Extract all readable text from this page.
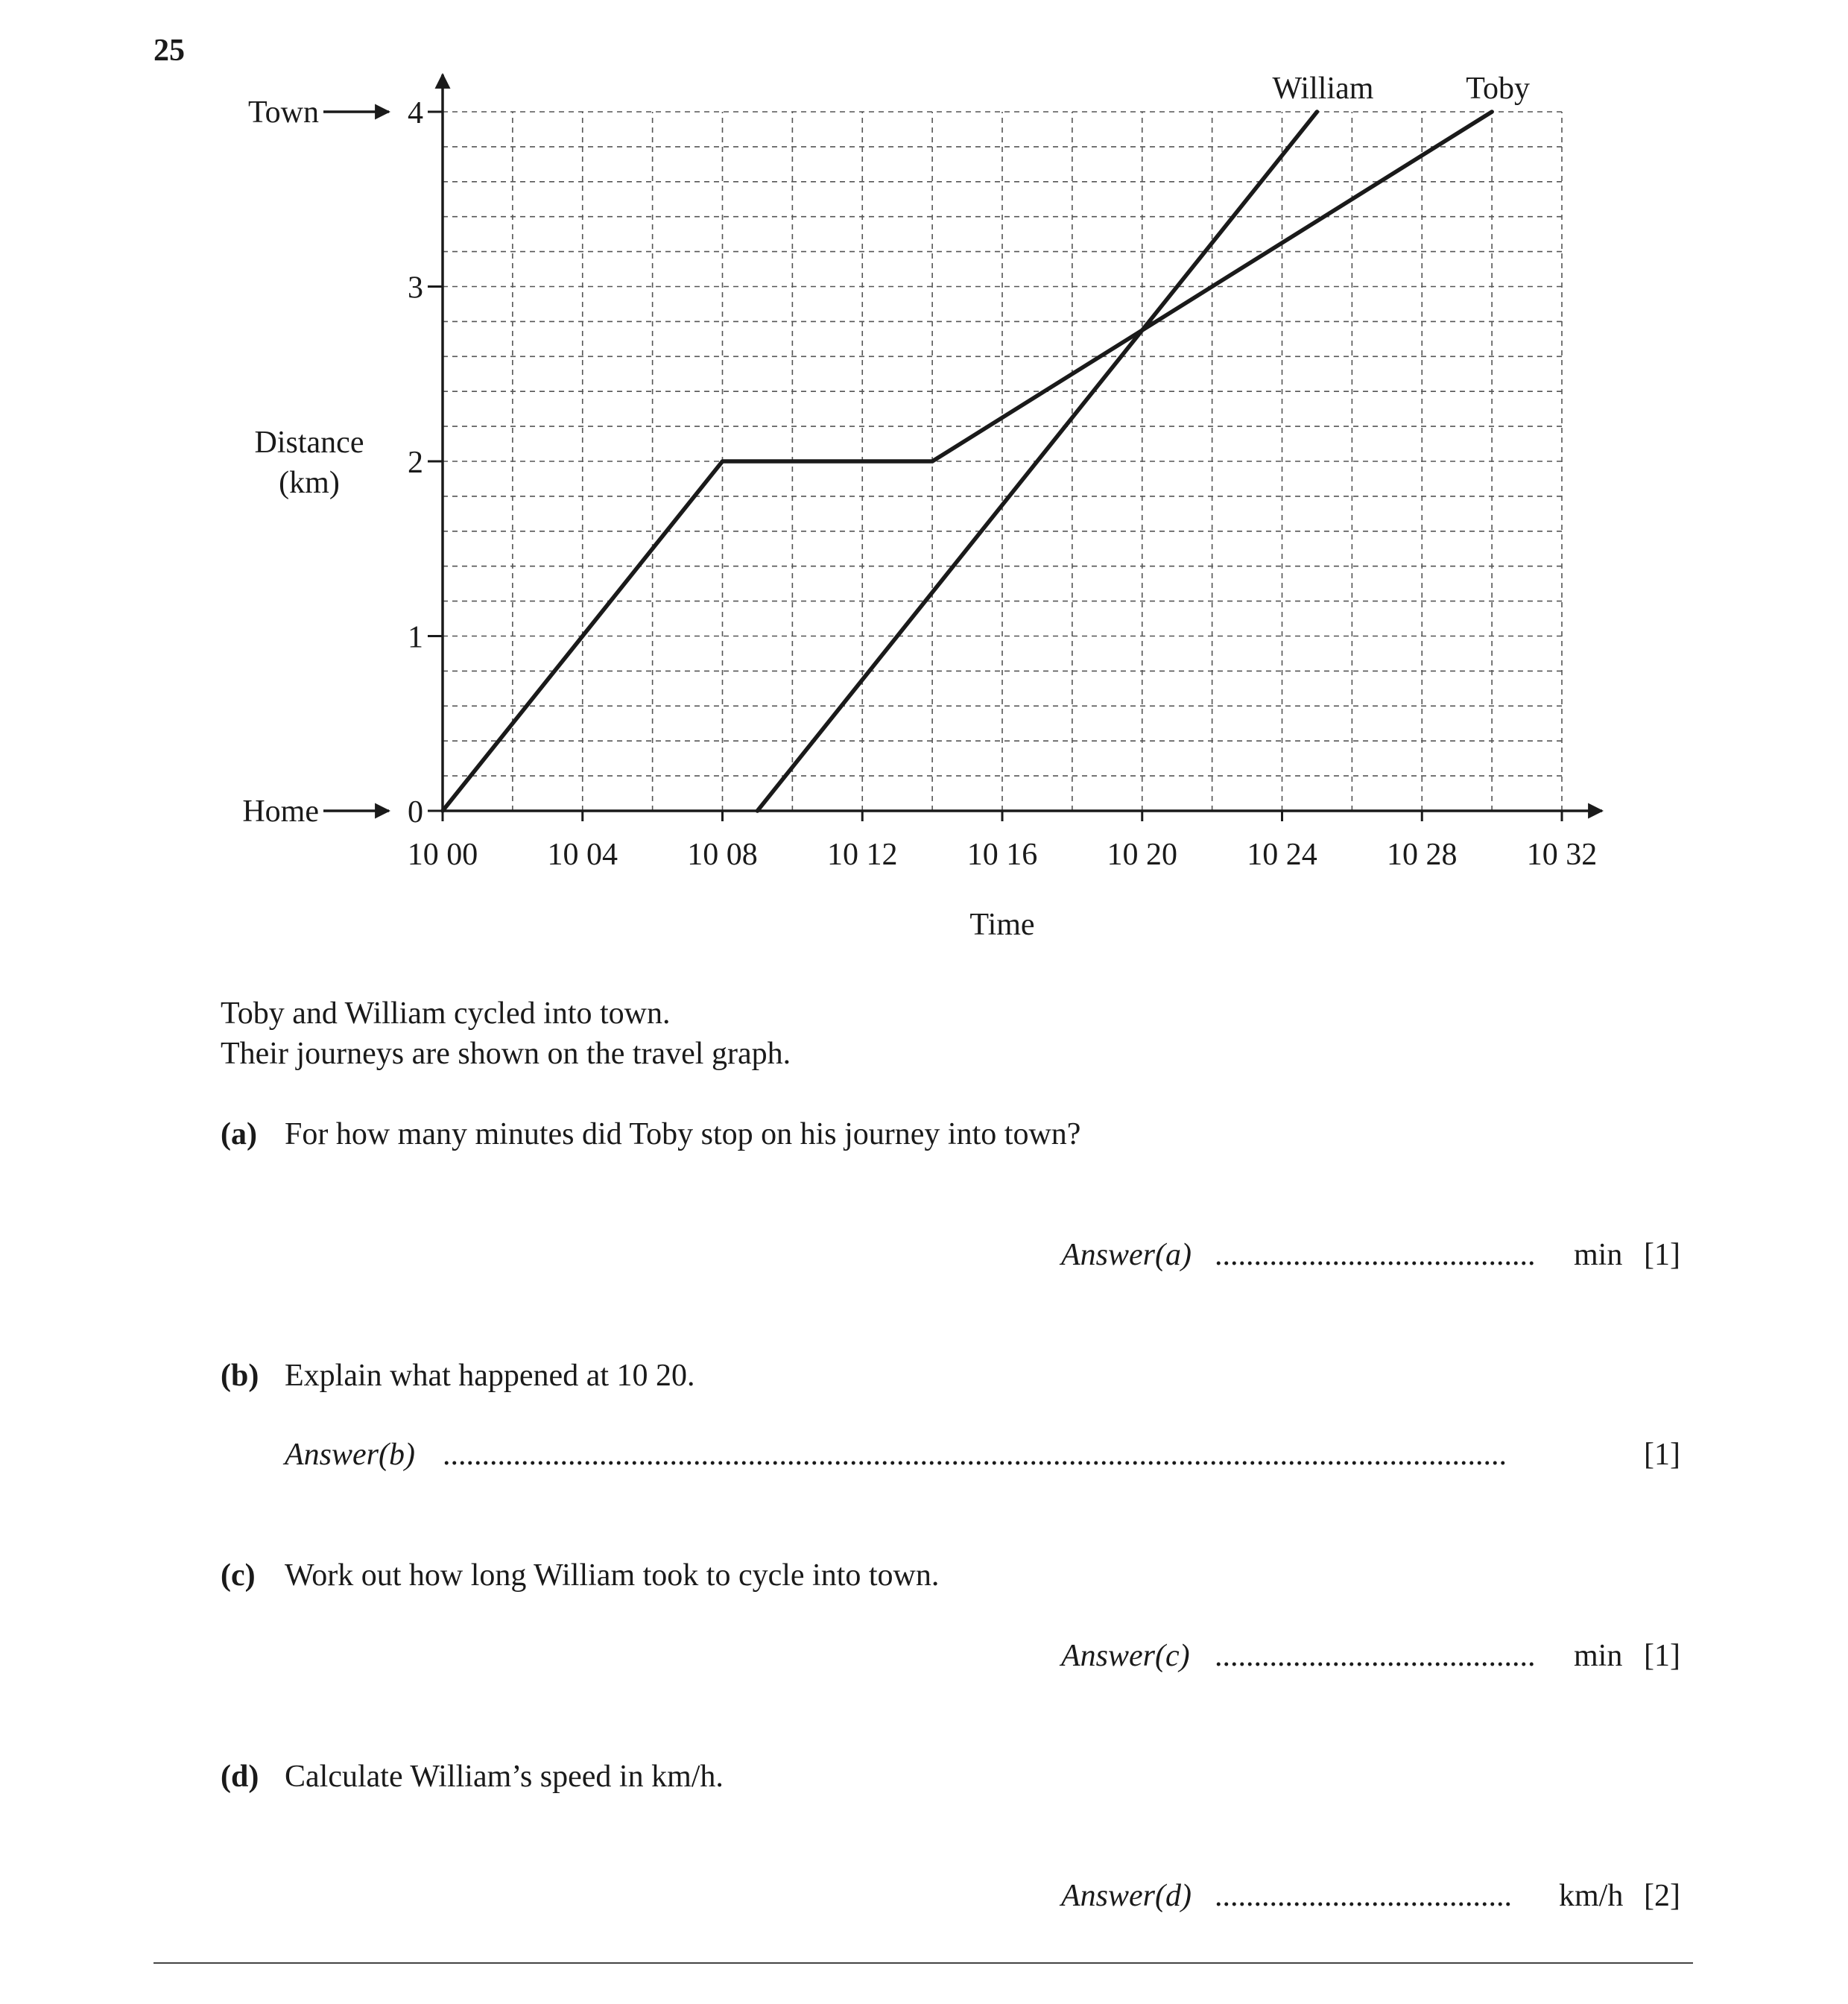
25
10 00 10 04 10 08 10 12 10 16 10 20 10 24 10 28 10 32
0
1
2
3
4
Distance
(km)
Time
Town
Home
William	Toby
Toby and William cycled into town.
Their journeys are shown on the travel graph.
(a) For how many minutes did Toby stop on his journey into town?
Answer(a) ......................................... min [1]
(b) Explain what happened at 10 20.
Answer(b) ........................................................................................................................................	[1]
(c) Work out how long William took to cycle into town.
Answer(c) ......................................... min [1]
(d) Calculate William’s speed in km/h.
Answer(d) ...................................... km/h [2]
